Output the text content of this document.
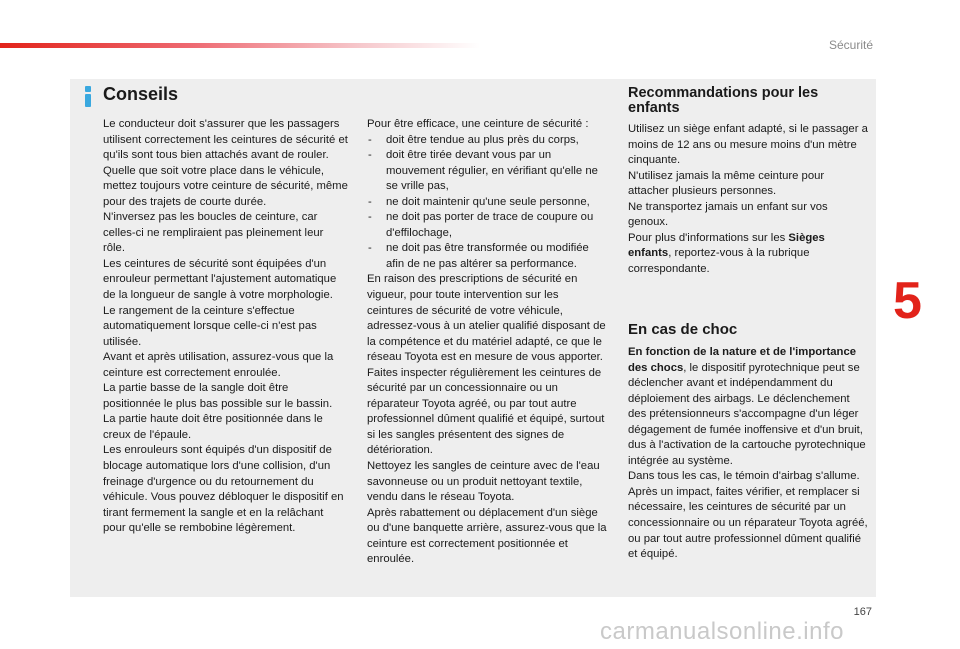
Sécurité
5
Conseils

Le conducteur doit s'assurer que les passagers utilisent correctement les ceintures de sécurité et qu'ils sont tous bien attachés avant de rouler.

Quelle que soit votre place dans le véhicule, mettez toujours votre ceinture de sécurité, même pour des trajets de courte durée.

N'inversez pas les boucles de ceinture, car celles-ci ne rempliraient pas pleinement leur rôle.

Les ceintures de sécurité sont équipées d'un enrouleur permettant l'ajustement automatique de la longueur de sangle à votre morphologie. Le rangement de la ceinture s'effectue automatiquement lorsque celle-ci n'est pas utilisée.

Avant et après utilisation, assurez-vous que la ceinture est correctement enroulée.

La partie basse de la sangle doit être positionnée le plus bas possible sur le bassin.

La partie haute doit être positionnée dans le creux de l'épaule.

Les enrouleurs sont équipés d'un dispositif de blocage automatique lors d'une collision, d'un freinage d'urgence ou du retournement du véhicule. Vous pouvez débloquer le dispositif en tirant fermement la sangle et en la relâchant pour qu'elle se rembobine légèrement.

Pour être efficace, une ceinture de sécurité :

- doit être tendue au plus près du corps,
- doit être tirée devant vous par un mouvement régulier, en vérifiant qu'elle ne se vrille pas,
- ne doit maintenir qu'une seule personne,
- ne doit pas porter de trace de coupure ou d'effilochage,
- ne doit pas être transformée ou modifiée afin de ne pas altérer sa performance.

En raison des prescriptions de sécurité en vigueur, pour toute intervention sur les ceintures de sécurité de votre véhicule, adressez-vous à un atelier qualifié disposant de la compétence et du matériel adapté, ce que le réseau Toyota est en mesure de vous apporter.

Faites inspecter régulièrement les ceintures de sécurité par un concessionnaire ou un réparateur Toyota agréé, ou par tout autre professionnel dûment qualifié et équipé, surtout si les sangles présentent des signes de détérioration.

Nettoyez les sangles de ceinture avec de l'eau savonneuse ou un produit nettoyant textile, vendu dans le réseau Toyota.

Après rabattement ou déplacement d'un siège ou d'une banquette arrière, assurez-vous que la ceinture est correctement positionnée et enroulée.

Recommandations pour les enfants

Utilisez un siège enfant adapté, si le passager a moins de 12 ans ou mesure moins d'un mètre cinquante.

N'utilisez jamais la même ceinture pour attacher plusieurs personnes.

Ne transportez jamais un enfant sur vos genoux.

Pour plus d'informations sur les Sièges enfants, reportez-vous à la rubrique correspondante.

En cas de choc

En fonction de la nature et de l'importance des chocs, le dispositif pyrotechnique peut se déclencher avant et indépendamment du déploiement des airbags. Le déclenchement des prétensionneurs s'accompagne d'un léger dégagement de fumée inoffensive et d'un bruit, dus à l'activation de la cartouche pyrotechnique intégrée au système.

Dans tous les cas, le témoin d'airbag s'allume.

Après un impact, faites vérifier, et remplacer si nécessaire, les ceintures de sécurité par un concessionnaire ou un réparateur Toyota agréé, ou par tout autre professionnel dûment qualifié et équipé.

167
carmanualsonline.info
